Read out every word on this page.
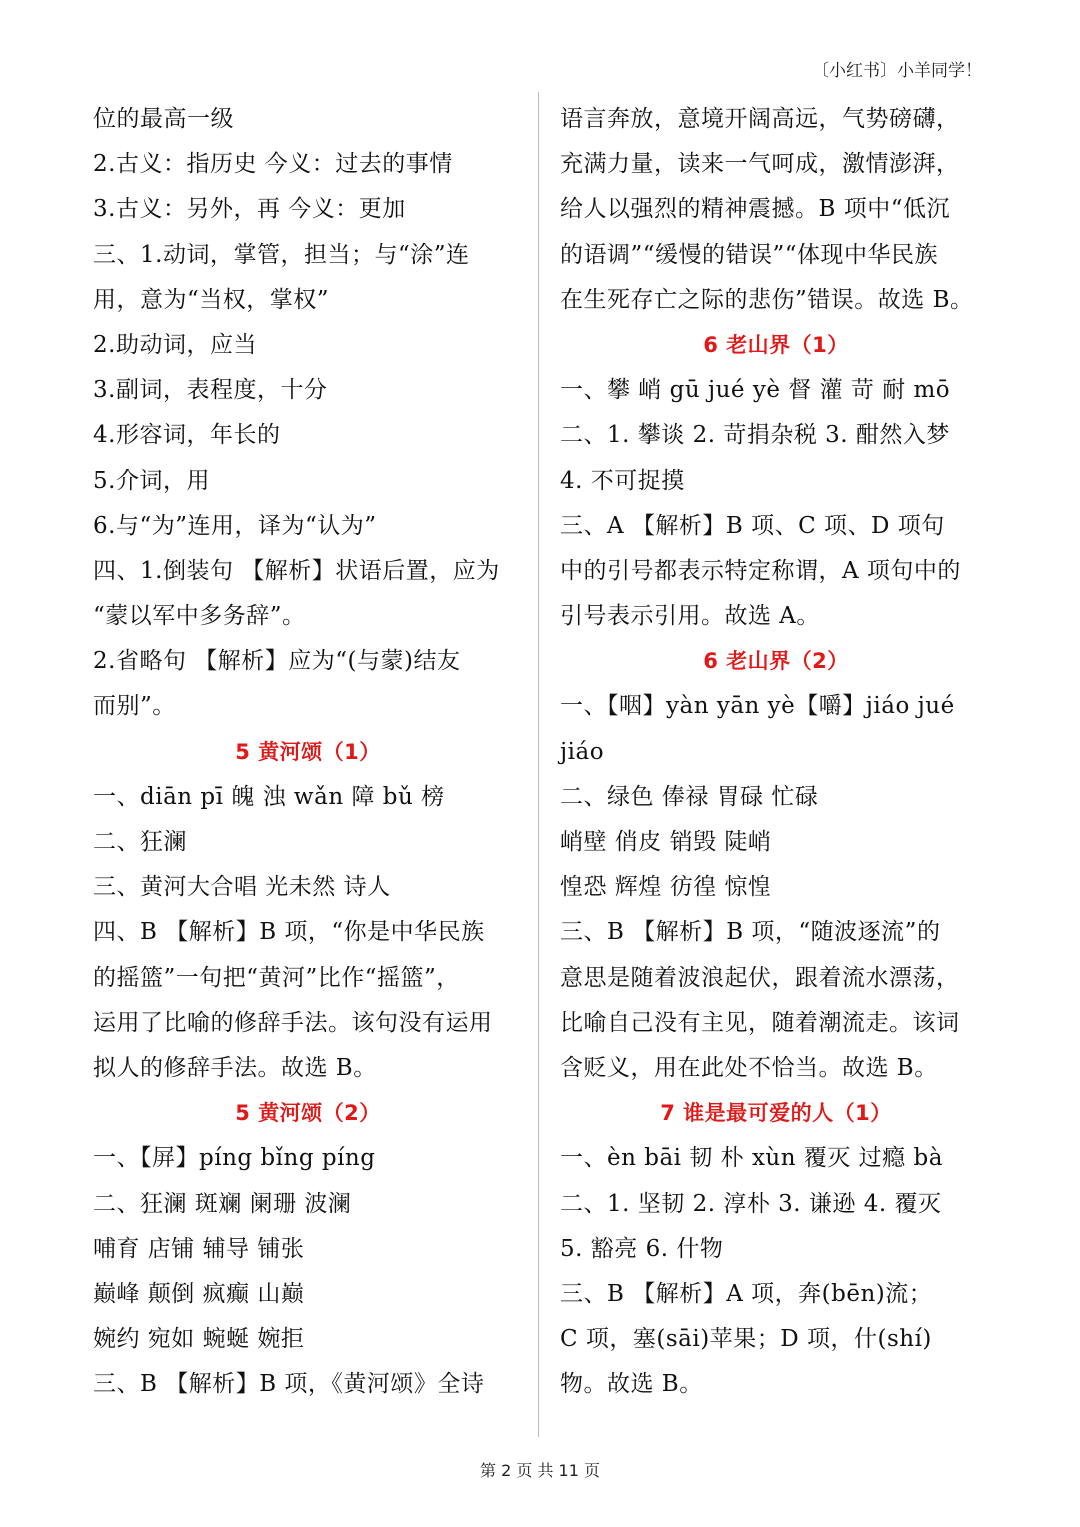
〔小红书〕小羊同学！
位的最高一级
2.古义：指历史 今义：过去的事情
3.古义：另外，再 今义：更加
三、1.动词，掌管，担当；与“涂”连
用，意为“当权，掌权”
2.助动词，应当
3.副词，表程度，十分
4.形容词，年长的
5.介词，用
6.与“为”连用，译为“认为”
四、1.倒装句 【解析】状语后置，应为
“蒙以军中多务辞”。
2.省略句 【解析】应为“(与蒙)结友
而别”。
5 黄河颂（1）
一、diān pī 魄 浊 wǎn 障 bǔ 榜
二、狂澜
三、黄河大合唱 光未然 诗人
四、B 【解析】B 项，“你是中华民族
的摇篮”一句把“黄河”比作“摇篮”，
运用了比喻的修辞手法。该句没有运用
拟人的修辞手法。故选 B。
5 黄河颂（2）
一、【屏】píng bǐng píng
二、狂澜 斑斓 阑珊 波澜
哺育 店铺 辅导 铺张
巅峰 颠倒 疯癫 山巅
婉约 宛如 蜿蜒 婉拒
三、B 【解析】B 项，《黄河颂》全诗
语言奔放，意境开阔高远，气势磅礴，
充满力量，读来一气呵成，激情澎湃，
给人以强烈的精神震撼。B 项中“低沉
的语调”“缓慢的错误”“体现中华民族
在生死存亡之际的悲伤”错误。故选 B。
6 老山界（1）
一、攀 峭 gū jué yè 督 灌 苛 耐 mō
二、1. 攀谈 2. 苛捐杂税 3. 酣然入梦
4. 不可捉摸
三、A 【解析】B 项、C 项、D 项句
中的引号都表示特定称谓，A 项句中的
引号表示引用。故选 A。
6 老山界（2）
一、【咽】yàn yān yè【嚼】jiáo jué
jiáo
二、绿色 俸禄 胃碌 忙碌
峭壁 俏皮 销毁 陡峭
惶恐 辉煌 彷徨 惊惶
三、B 【解析】B 项，“随波逐流”的
意思是随着波浪起伏，跟着流水漂荡，
比喻自己没有主见，随着潮流走。该词
含贬义，用在此处不恰当。故选 B。
7 谁是最可爱的人（1）
一、èn bāi 韧 朴 xùn 覆灭 过瘾 bà
二、1. 坚韧 2. 淳朴 3. 谦逊 4. 覆灭
5. 豁亮 6. 什物
三、B 【解析】A 项，奔(bēn)流；
C 项，塞(sāi)苹果；D 项，什(shí)
物。故选 B。
第 2 页 共 11 页
